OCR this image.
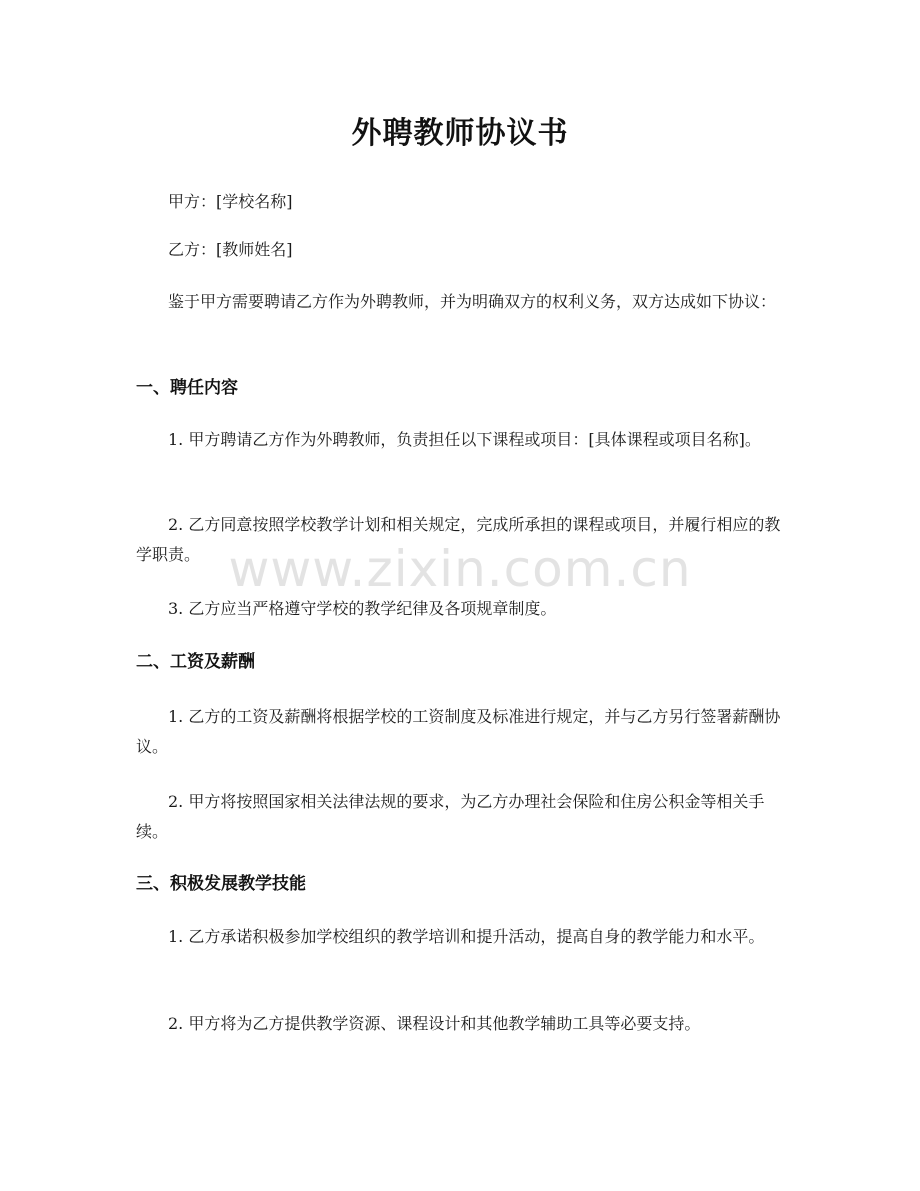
www.zixin.com.cn
外聘教师协议书

甲方：[学校名称]

乙方：[教师姓名]

鉴于甲方需要聘请乙方作为外聘教师，并为明确双方的权利义务，双方达成如下协议：

一、聘任内容

1. 甲方聘请乙方作为外聘教师，负责担任以下课程或项目：[具体课程或项目名称]。

2. 乙方同意按照学校教学计划和相关规定，完成所承担的课程或项目，并履行相应的教学职责。

3. 乙方应当严格遵守学校的教学纪律及各项规章制度。

二、工资及薪酬

1. 乙方的工资及薪酬将根据学校的工资制度及标准进行规定，并与乙方另行签署薪酬协议。

2. 甲方将按照国家相关法律法规的要求，为乙方办理社会保险和住房公积金等相关手续。

三、积极发展教学技能

1. 乙方承诺积极参加学校组织的教学培训和提升活动，提高自身的教学能力和水平。

2. 甲方将为乙方提供教学资源、课程设计和其他教学辅助工具等必要支持。
